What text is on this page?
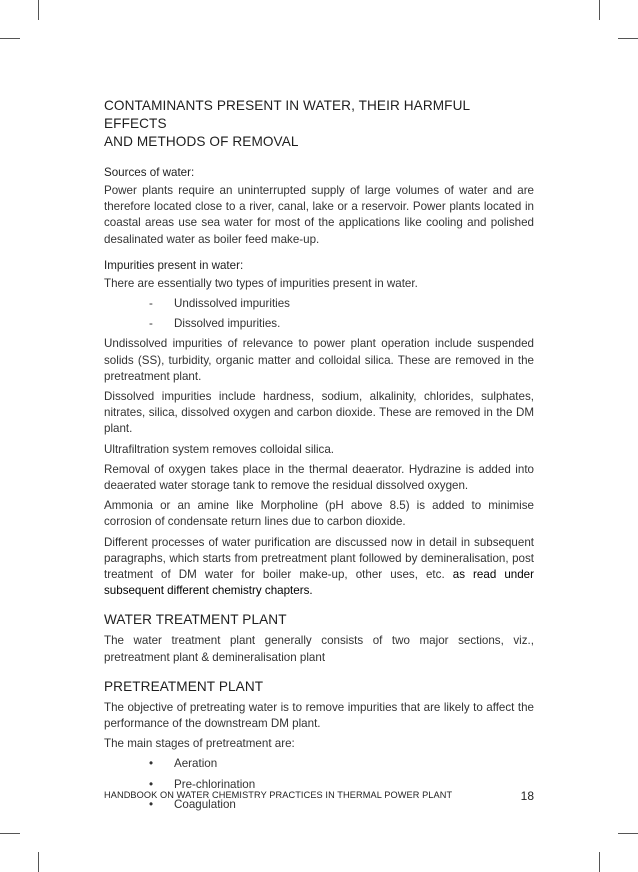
CONTAMINANTS PRESENT IN WATER, THEIR HARMFUL EFFECTS
AND METHODS OF REMOVAL
Sources of water:

Power plants require an uninterrupted supply of large volumes of water and are therefore located close to a river, canal, lake or a reservoir. Power plants located in coastal areas use sea water for most of the applications like cooling and polished desalinated water as boiler feed make-up.

Impurities present in water:

There are essentially two types of impurities present in water.

- Undissolved impurities
- Dissolved impurities.

Undissolved impurities of relevance to power plant operation include suspended solids (SS), turbidity, organic matter and colloidal silica. These are removed in the pretreatment plant.

Dissolved impurities include hardness, sodium, alkalinity, chlorides, sulphates, nitrates, silica, dissolved oxygen and carbon dioxide. These are removed in the DM plant.

Ultrafiltration system removes colloidal silica.

Removal of oxygen takes place in the thermal deaerator. Hydrazine is added into deaerated water storage tank to remove the residual dissolved oxygen.

Ammonia or an amine like Morpholine (pH above 8.5) is added to minimise corrosion of condensate return lines due to carbon dioxide.

Different processes of water purification are discussed now in detail in subsequent paragraphs, which starts from pretreatment plant followed by demineralisation, post treatment of DM water for boiler make-up, other uses, etc. as read under subsequent different chemistry chapters.

WATER TREATMENT PLANT

The water treatment plant generally consists of two major sections, viz., pretreatment plant & demineralisation plant

PRETREATMENT PLANT

The objective of pretreating water is to remove impurities that are likely to affect the performance of the downstream DM plant.

The main stages of pretreatment are:

• Aeration
• Pre-chlorination
• Coagulation
HANDBOOK ON WATER CHEMISTRY PRACTICES IN THERMAL POWER PLANT	18
